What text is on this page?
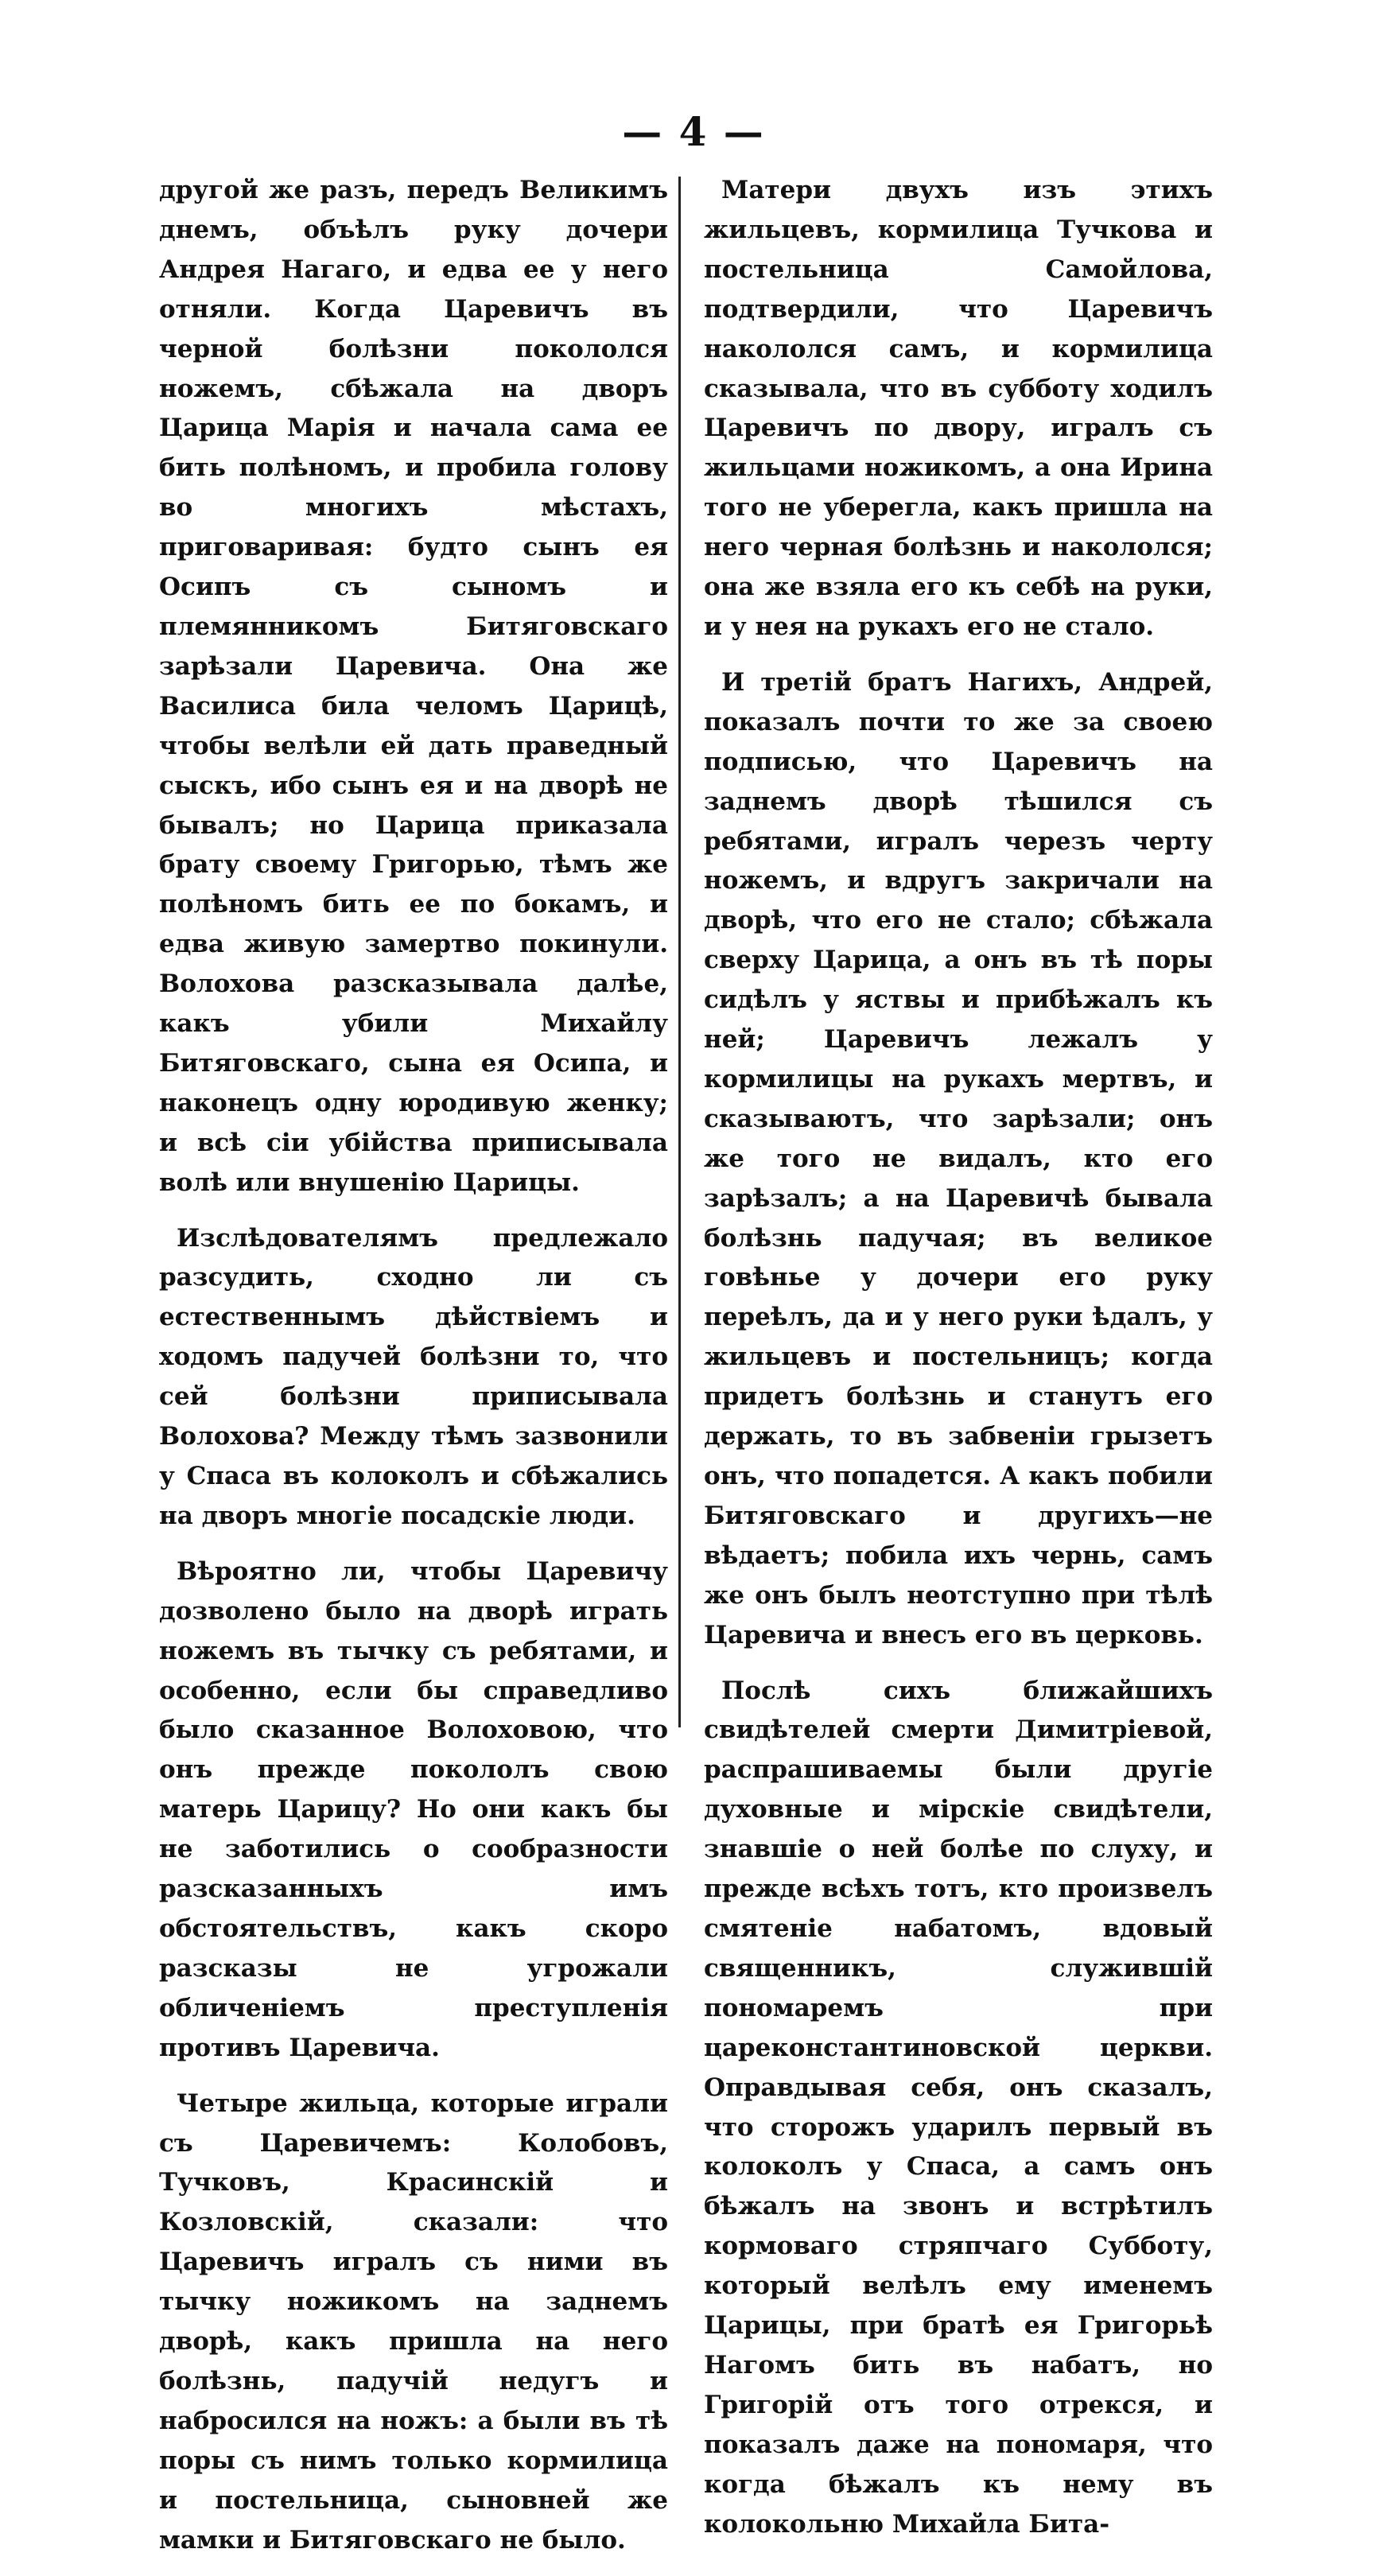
— 4 —

другой же разъ, передъ Великимъ днемъ, объѣлъ руку дочери Андрея Нагаго, и едва ее у него отняли. Когда Царевичъ въ черной болѣзни покололся ножемъ, сбѣжала на дворъ Царица Марія и начала сама ее бить полѣномъ, и пробила голову во многихъ мѣстахъ, приговаривая: будто сынъ ея Осипъ съ сыномъ и племянникомъ Битяговскаго зарѣзали Царевича. Она же Василиса била челомъ Царицѣ, чтобы велѣли ей дать праведный сыскъ, ибо сынъ ея и на дворѣ не бывалъ; но Царица приказала брату своему Григорью, тѣмъ же полѣномъ бить ее по бокамъ, и едва живую замертво покинули. Волохова разсказывала далѣе, какъ убили Михайлу Битяговскаго, сына ея Осипа, и наконецъ одну юродивую женку; и всѣ сіи убійства приписывала волѣ или внушенію Царицы.

Изслѣдователямъ предлежало разсудить, сходно ли съ естественнымъ дѣйствіемъ и ходомъ падучей болѣзни то, что сей болѣзни приписывала Волохова? Между тѣмъ зазвонили у Спаса въ колоколъ и сбѣжались на дворъ многіе посадскіе люди.

Вѣроятно ли, чтобы Царевичу дозволено было на дворѣ играть ножемъ въ тычку съ ребятами, и особенно, если бы справедливо было сказанное Волоховою, что онъ прежде покололъ свою матерь Царицу? Но они какъ бы не заботились о сообразности разсказанныхъ имъ обстоятельствъ, какъ скоро разсказы не угрожали обличеніемъ преступленія противъ Царевича.

Четыре жильца, которые играли съ Царевичемъ: Колобовъ, Тучковъ, Красинскій и Козловскій, сказали: что Царевичъ игралъ съ ними въ тычку ножикомъ на заднемъ дворѣ, какъ пришла на него болѣзнь, падучій недугъ и набросился на ножъ: а были въ тѣ поры съ нимъ только кормилица и постельница, сыновней же мамки и Битяговскаго не было.

Матери двухъ изъ этихъ жильцевъ, кормилица Тучкова и постельница Самойлова, подтвердили, что Царевичъ накололся самъ, и кормилица сказывала, что въ субботу ходилъ Царевичъ по двору, игралъ съ жильцами ножикомъ, а она Ирина того не уберегла, какъ пришла на него черная болѣзнь и накололся; она же взяла его къ себѣ на руки, и у нея на рукахъ его не стало.

И третій братъ Нагихъ, Андрей, показалъ почти то же за своею подписью, что Царевичъ на заднемъ дворѣ тѣшился съ ребятами, игралъ черезъ черту ножемъ, и вдругъ закричали на дворѣ, что его не стало; сбѣжала сверху Царица, а онъ въ тѣ поры сидѣлъ у яствы и прибѣжалъ къ ней; Царевичъ лежалъ у кормилицы на рукахъ мертвъ, и сказываютъ, что зарѣзали; онъ же того не видалъ, кто его зарѣзалъ; а на Царевичѣ бывала болѣзнь падучая; въ великое говѣнье у дочери его руку переѣлъ, да и у него руки ѣдалъ, у жильцевъ и постельницъ; когда придетъ болѣзнь и станутъ его держать, то въ забвеніи грызетъ онъ, что попадется. А какъ побили Битяговскаго и другихъ—не вѣдаетъ; побила ихъ чернь, самъ же онъ былъ неотступно при тѣлѣ Царевича и внесъ его въ церковь.

Послѣ сихъ ближайшихъ свидѣтелей смерти Димитріевой, распрашиваемы были другіе духовные и мірскіе свидѣтели, знавшіе о ней болѣе по слуху, и прежде всѣхъ тотъ, кто произвелъ смятеніе набатомъ, вдовый священникъ, служившій пономаремъ при цареконстантиновской церкви. Оправдывая себя, онъ сказалъ, что сторожъ ударилъ первый въ колоколъ у Спаса, а самъ онъ бѣжалъ на звонъ и встрѣтилъ кормоваго стряпчаго Субботу, который велѣлъ ему именемъ Царицы, при братѣ ея Григорьѣ Нагомъ бить въ набатъ, но Григорій отъ того отрекся, и показалъ даже на пономаря, что когда бѣжалъ къ нему въ колокольню Михайла Бита-
